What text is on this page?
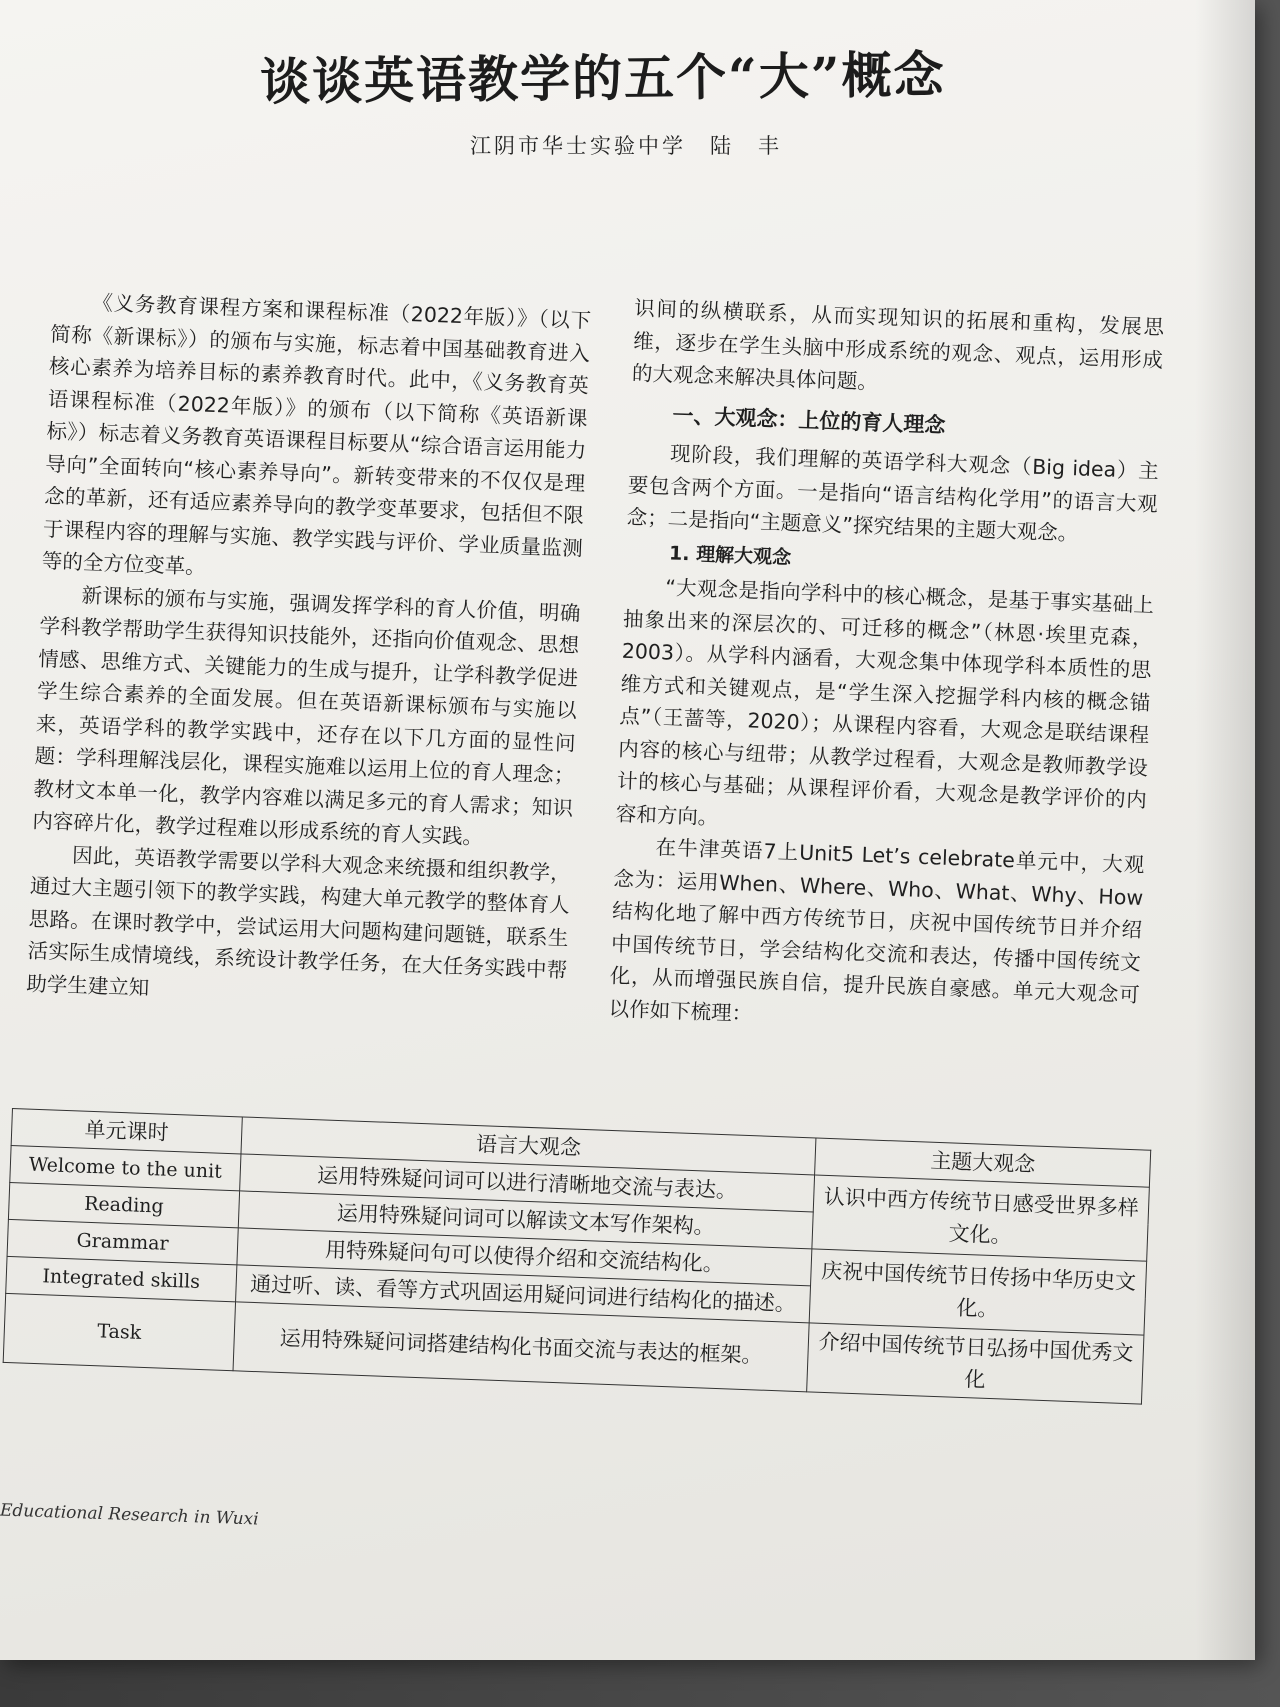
谈谈英语教学的五个“大”概念
江阴市华士实验中学　陆　丰

《义务教育课程方案和课程标准（2022年版）》（以下简称《新课标》）的颁布与实施，标志着中国基础教育进入核心素养为培养目标的素养教育时代。此中，《义务教育英语课程标准（2022年版）》的颁布（以下简称《英语新课标》）标志着义务教育英语课程目标要从“综合语言运用能力导向”全面转向“核心素养导向”。新转变带来的不仅仅是理念的革新，还有适应素养导向的教学变革要求，包括但不限于课程内容的理解与实施、教学实践与评价、学业质量监测等的全方位变革。

新课标的颁布与实施，强调发挥学科的育人价值，明确学科教学帮助学生获得知识技能外，还指向价值观念、思想情感、思维方式、关键能力的生成与提升，让学科教学促进学生综合素养的全面发展。但在英语新课标颁布与实施以来，英语学科的教学实践中，还存在以下几方面的显性问题：学科理解浅层化，课程实施难以运用上位的育人理念；教材文本单一化，教学内容难以满足多元的育人需求；知识内容碎片化，教学过程难以形成系统的育人实践。

因此，英语教学需要以学科大观念来统摄和组织教学，通过大主题引领下的教学实践，构建大单元教学的整体育人思路。在课时教学中，尝试运用大问题构建问题链，联系生活实际生成情境线，系统设计教学任务，在大任务实践中帮助学生建立知

识间的纵横联系，从而实现知识的拓展和重构，发展思维，逐步在学生头脑中形成系统的观念、观点，运用形成的大观念来解决具体问题。

一、大观念：上位的育人理念

现阶段，我们理解的英语学科大观念（Big idea）主要包含两个方面。一是指向“语言结构化学用”的语言大观念；二是指向“主题意义”探究结果的主题大观念。

1. 理解大观念

“大观念是指向学科中的核心概念，是基于事实基础上抽象出来的深层次的、可迁移的概念”（林恩·埃里克森，2003）。从学科内涵看，大观念集中体现学科本质性的思维方式和关键观点，是“学生深入挖掘学科内核的概念锚点”（王蔷等，2020）；从课程内容看，大观念是联结课程内容的核心与纽带；从教学过程看，大观念是教师教学设计的核心与基础；从课程评价看，大观念是教学评价的内容和方向。

在牛津英语7上Unit5 Let’s celebrate单元中，大观念为：运用When、Where、Who、What、Why、How结构化地了解中西方传统节日，庆祝中国传统节日并介绍中国传统节日，学会结构化交流和表达，传播中国传统文化，从而增强民族自信，提升民族自豪感。单元大观念可以作如下梳理：

单元课时	语言大观念	主题大观念
Welcome to the unit	运用特殊疑问词可以进行清晰地交流与表达。	认识中西方传统节日感受世界多样文化。
Reading	运用特殊疑问词可以解读文本写作架构。	
Grammar	用特殊疑问句可以使得介绍和交流结构化。	庆祝中国传统节日传扬中华历史文化。
Integrated skills	通过听、读、看等方式巩固运用疑问词进行结构化的描述。	
Task	运用特殊疑问词搭建结构化书面交流与表达的框架。	介绍中国传统节日弘扬中国优秀文化
Educational Research in Wuxi
